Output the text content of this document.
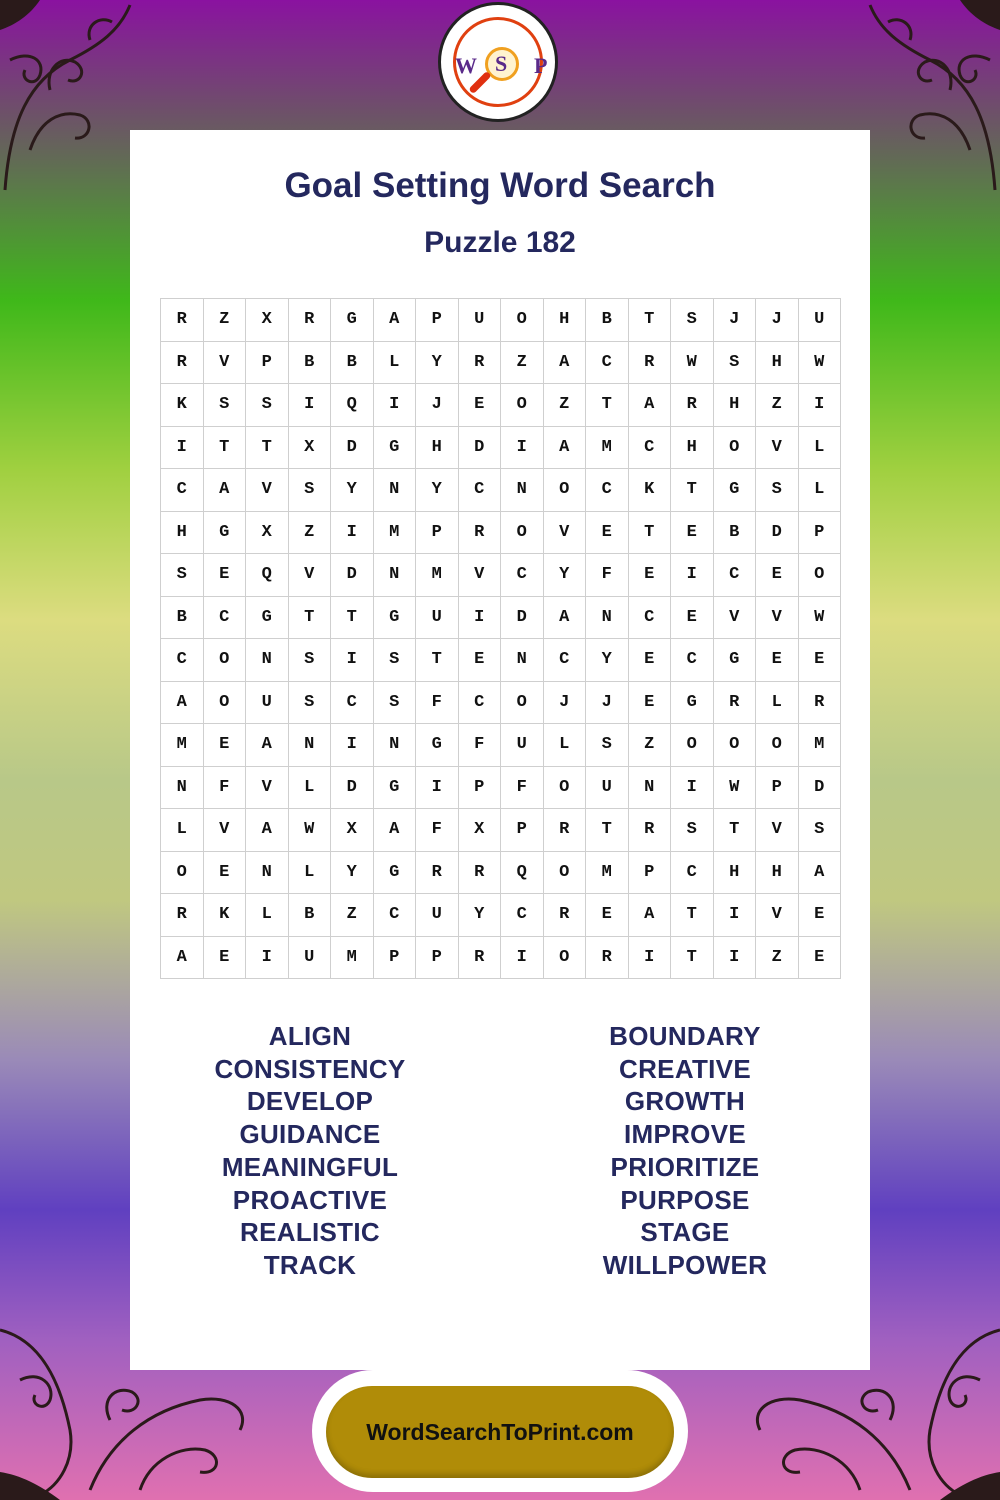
W S P
Goal Setting Word Search
Puzzle 182
R	Z	X	R	G	A	P	U	O	H	B	T	S	J	J	U
R	V	P	B	B	L	Y	R	Z	A	C	R	W	S	H	W
K	S	S	I	Q	I	J	E	O	Z	T	A	R	H	Z	I
I	T	T	X	D	G	H	D	I	A	M	C	H	O	V	L
C	A	V	S	Y	N	Y	C	N	O	C	K	T	G	S	L
H	G	X	Z	I	M	P	R	O	V	E	T	E	B	D	P
S	E	Q	V	D	N	M	V	C	Y	F	E	I	C	E	O
B	C	G	T	T	G	U	I	D	A	N	C	E	V	V	W
C	O	N	S	I	S	T	E	N	C	Y	E	C	G	E	E
A	O	U	S	C	S	F	C	O	J	J	E	G	R	L	R
M	E	A	N	I	N	G	F	U	L	S	Z	O	O	O	M
N	F	V	L	D	G	I	P	F	O	U	N	I	W	P	D
L	V	A	W	X	A	F	X	P	R	T	R	S	T	V	S
O	E	N	L	Y	G	R	R	Q	O	M	P	C	H	H	A
R	K	L	B	Z	C	U	Y	C	R	E	A	T	I	V	E
A	E	I	U	M	P	P	R	I	O	R	I	T	I	Z	E
ALIGN
CONSISTENCY
DEVELOP
GUIDANCE
MEANINGFUL
PROACTIVE
REALISTIC
TRACK
BOUNDARY
CREATIVE
GROWTH
IMPROVE
PRIORITIZE
PURPOSE
STAGE
WILLPOWER
WordSearchToPrint.com
